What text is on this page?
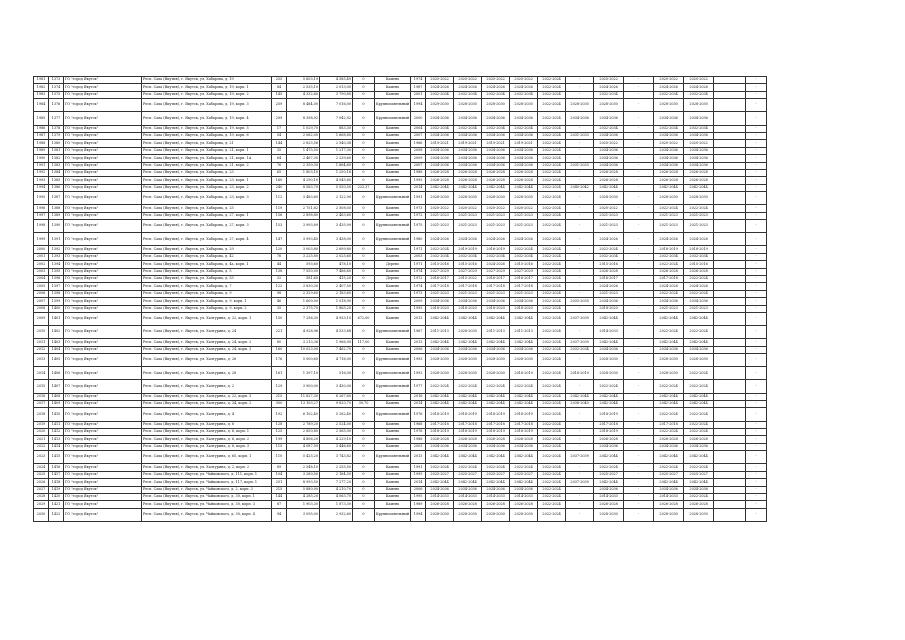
1981	1373	ГО "город Якутск"	Респ. Саха (Якутия), г. Якутск, ул. Хабарова, д. 19	255	5 603,19	4 585,49	0	Камень	1974	2020-2022	2020-2022	2020-2022	2020-2022	2022-2024	-	2020-2022	-	2020-2022	2020-2022		-
1982	1374	ГО "город Якутск"	Респ. Саха (Якутия), г. Якутск, ул. Хабарова, д. 19, корп. 1	84	2 535,10	2 013,00	0	Камень	1987	2024-2026	2024-2026	2024-2026	2024-2026	2022-2024	-	2024-2026	-	2024-2026	2024-2026		-
1983	1375	ГО "город Якутск"	Респ. Саха (Якутия), г. Якутск, ул. Хабарова, д. 19, корп. 2	145	4 332,60	3 790,80	0	Камень	2001	2032-2034	2032-2034	2032-2034	2032-2034	2022-2024	-	2032-2034	-	2032-2034	2032-2034		-
1984	1376	ГО "город Якутск"	Респ. Саха (Якутия), г. Якутск, ул. Хабарова, д. 19, корп. 3	259	8 484,00	7 016,00	0	Крупнопанельный	1994	2029-2030	2028-2030	2028-2030	2028-2030	2022-2024	2028-2030	2028-2030	-	2028-2030	2028-2030		-
1985	1377	ГО "город Якутск"	Респ. Саха (Якутия), г. Якутск, ул. Хабарова, д. 19, корп. 4	299	8 398,92	7 042,92	0	Крупнопанельный	2000	2034-2036	2034-2036	2034-2036	2034-2036	2022-2024	2034-2036	2034-2036	-	2034-2036	2034-2036		-
1986	1378	ГО "город Якутск"	Респ. Саха (Якутия), г. Якутск, ул. Хабарова, д. 19, корп. 5	17	1 029,70	883,30	0	Камень	2004	2032-2034	2032-2034	2032-2034	2032-2034	2022-2024	-	2032-2034	-	2032-2034	2032-2034		-
1987	1379	ГО "город Якутск"	Респ. Саха (Якутия), г. Якутск, ул. Хабарова, д. 19, корп. 6	54	2 062,00	1 668,80	0	Камень	2007	2034-2036	2034-2036	2034-2036	2034-2036	2022-2024	2031-2033	2034-2036	-	2034-2036	2034-2036		-
1988	1380	ГО "город Якутск"	Респ. Саха (Якутия), г. Якутск, ул. Хабарова, д. 21	144	2 825,56	2 540,38	0	Камень	1966	2019-2021	2019-2021	2019-2021	2019-2021	2022-2024	-	2020-2022	-	2020-2022	2020-2022		-
1989	1381	ГО "город Якутск"	Респ. Саха (Якутия), г. Якутск, ул. Хабарова, д. 21, корп. 1	35	1 475,50	1 217,30	0	Камень	2008	2034-2036	2034-2036	2034-2036	2034-2036	2022-2024	-	2034-2036	-	2034-2036	2034-2036		-
1990	1382	ГО "город Якутск"	Респ. Саха (Якутия), г. Якутск, ул. Хабарова, д. 21, корп. 1А	64	2 467,30	2 239,60	0	Камень	2009	2034-2036	2034-2036	2034-2036	2034-2036	2022-2024	-	2034-2036	-	2034-2036	2034-2036		-
1991	1383	ГО "город Якутск"	Респ. Саха (Якутия), г. Якутск, ул. Хабарова, д. 21, корп. 2	76	2 359,30	1 864,60	0	Камень	2007	2034-2036	2034-2036	2034-2036	2034-2036	2022-2024	2031-2033	2034-2036	-	2034-2036	2034-2036		-
1992	1384	ГО "город Якутск"	Респ. Саха (Якутия), г. Якутск, ул. Хабарова, д. 23	65	1 803,10	1 250,16	0	Камень	1988	2026-2028	2026-2028	2026-2028	2026-2028	2022-2024	-	2026-2028	-	2026-2028	2026-2028		-
1993	1385	ГО "город Якутск"	Респ. Саха (Якутия), г. Якутск, ул. Хабарова, д. 23, корп. 1	160	4 290,10	4 045,60	0	Камень	1995	2026-2028	2026-2028	2026-2028	2026-2028	2022-2024	-	2026-2028	-	2026-2028	2026-2028		-
1994	1386	ГО "город Якутск"	Респ. Саха (Якутия), г. Якутск, ул. Хабарова, д. 23, корп. 2	240	8 583,70	5 550,50	223,37	Камень	2014	2042-2044	2042-2044	2042-2044	2042-2044	2022-2024	2040-2042	2042-2044	-	2042-2044	2042-2044		-
1995	1387	ГО "город Якутск"	Респ. Саха (Якутия), г. Якутск, ул. Хабарова, д. 23, корп. 3	112	3 483,60	2 122,90	0	Крупнопанельный	1991	2028-2030	2028-2030	2028-2030	2028-2030	2022-2024	-	2028-2030	-	2028-2030	2028-2030		-
1996	1388	ГО "город Якутск"	Респ. Саха (Якутия), г. Якутск, ул. Хабарова, д. 25	119	2 751,82	2 508,05	0	Камень	1973	2020-2022	2020-2022	2020-2022	2020-2022	2022-2024	-	2020-2022	-	2022-2024	2022-2024		-
1997	1389	ГО "город Якутск"	Респ. Саха (Якутия), г. Якутск, ул. Хабарова, д. 27, корп. 1	156	2 898,80	2 463,60	0	Камень	1972	2021-2023	2021-2023	2021-2023	2021-2023	2022-2024	-	2021-2023	-	2021-2023	2021-2023		-
1998	1390	ГО "город Якутск"	Респ. Саха (Якутия), г. Якутск, ул. Хабарова, д. 27, корп. 3	153	3 993,89	3 435,99	0	Крупнопанельный	1975	2021-2023	2021-2023	2021-2023	2021-2023	2022-2024	-	2021-2023	-	2021-2023	2021-2023		-
1999	1391	ГО "город Якутск"	Респ. Саха (Якутия), г. Якутск, ул. Хабарова, д. 27, корп. 4	147	3 993,40	3 438,00	0	Крупнопанельный	1980	2024-2026	2024-2026	2024-2026	2024-2026	2022-2024	-	2024-2026	-	2024-2026	2024-2026		-
2000	1392	ГО "город Якутск"	Респ. Саха (Якутия), г. Якутск, ул. Хабарова, д. 29	120	3 003,80	2 699,80	0	Камень	1971	2022-2024	2019-2019	2016-2019	2022-2024	2022-2024	-	2022-2024	-	2018-2019	2018-2019		-
2001	1393	ГО "город Якутск"	Респ. Саха (Якутия), г. Якутск, ул. Хабарова, д. 42	76	3 225,80	2 025,60	0	Камень	2003	2032-2034	2032-2034	2032-2034	2032-2034	2022-2024	-	2032-2034	-	2032-2034	2032-2034		-
2002	1394	ГО "город Якутск"	Респ. Саха (Якутия), г. Якутск, ул. Хабарова, д. 4а, корп. 1	44	593,60	478,10	0	Дерево	1971	2015-2016	2015-2016	2024-2026	2015-2016	2022-2024	-	2015-2016	-	2022-2024	2015-2016		-
2003	1395	ГО "город Якутск"	Респ. Саха (Якутия), г. Якутск, ул. Хабарова, д. 5	138	7 550,00	7 486,60	0	Камень	1974	2027-2029	2027-2029	2027-2029	2027-2029	2022-2024	-	2026-2028	-	2026-2028	2026-2028		-
2004	1396	ГО "город Якутск"	Респ. Саха (Якутия), г. Якутск, ул. Хабарова, д. 53	32	581,60	415,20	0	Дерево	1972	2016-2017	2015-2022	2016-2017	2016-2017	2022-2024	-	2016-2017	-	2017-2018	2022-2024		-
2005	1397	ГО "город Якутск"	Респ. Саха (Якутия), г. Якутск, ул. Хабарова, д. 7	122	3 830,30	2 407,50	0	Камень	1974	2017-2018	2017-2018	2017-2018	2017-2018	2022-2024	-	2024-2026	-	2024-2026	2024-2026		-
2006	1398	ГО "город Якутск"	Респ. Саха (Якутия), г. Якутск, ул. Хабарова, д. 9	98	2 329,60	2 183,60	0	Камень	1973	2021-2023	2021-2023	2021-2023	2021-2023	2022-2024	-	2021-2023	-	2022-2024	2022-2024		-
2007	1399	ГО "город Якутск"	Респ. Саха (Якутия), г. Якутск, ул. Хабарова, д. 9, корп. 1	46	1 609,00	1 018,90	0	Камень	2009	2034-2036	2034-2036	2034-2036	2034-2036	2022-2024	2033-2035	2034-2036	-	2034-2036	2034-2036		-
2008	1400	ГО "город Якутск"	Респ. Саха (Якутия), г. Якутск, ул. Хабарова, д. 9, корп. 2	35	2 375,70	1 865,20	0	Камень	1995	2018-2020	2018-2020	2018-2020	2018-2020	2022-2024	-	2018-2020	-	2021-2023	2021-2023		-
2009	1401	ГО "город Якутск"	Респ. Саха (Якутия), г. Якутск, ул. Халтурина, д. 22, корп. 1	150	7 256,30	4 953,10	672,00	Камень	2013	2042-2044	2042-2044	2042-2044	2042-2044	2022-2024	2037-2039	2042-2044	-	2042-2044	2042-2044		-
2010	1402	ГО "город Якутск"	Респ. Саха (Якутия), г. Якутск, ул. Халтурина, д. 24	221	4 928,96	4 533,88	0	Крупнопанельный	1967	2011-2013	2028-2030	2011-2013	2011-2013	2022-2024	-	2014-2033	-	2022-2024	2022-2024		-
2011	1403	ГО "город Якутск"	Респ. Саха (Якутия), г. Якутск, ул. Халтурина, д. 24, корп. 2	80	3 213,36	1 966,90	117,00	Камень	2013	2042-2044	2042-2044	2042-2044	2042-2044	2022-2024	2037-2039	2042-2044	-	2042-2044	2042-2044		-
2012	1404	ГО "город Якутск"	Респ. Саха (Якутия), г. Якутск, ул. Халтурина, д. 24, корп. 3	160	10 023,00	7 462,70	0	Камень	2006	2034-2036	2034-2036	2034-2036	2034-2036	2022-2024	2032-2034	2034-2036	-	2034-2036	2034-2036		-
2013	1405	ГО "город Якутск"	Респ. Саха (Якутия), г. Якутск, ул. Халтурина, д. 26	176	5 000,60	4 716,00	0	Крупнопанельный	1993	2028-2030	2028-2030	2028-2030	2028-2030	2022-2024	-	2028-2030	-	2028-2030	2028-2030		-
2014	1406	ГО "город Якутск"	Респ. Саха (Якутия), г. Якутск, ул. Халтурина, д. 28	161	1 397,10	516,00	0	Крупнопанельный	1992	2028-2030	2028-2030	2028-2030	2018-2019	2022-2024	2018-2019	2028-2030	-	2028-2030	2022-2024		-
2015	1407	ГО "город Якутск"	Респ. Саха (Якутия), г. Якутск, ул. Халтурина, д. 2	129	3 900,00	3 430,00	0	Крупнопанельный	1977	2022-2024	2022-2024	2022-2024	2022-2024	2022-2024	-	2022-2024	-	2022-2024	2022-2024		-
2016	1408	ГО "город Якутск"	Респ. Саха (Якутия), г. Якутск, ул. Халтурина, д. 22, корп. 3	215	11 827,30	8 267,60	0	Камень	2016	2042-2044	2042-2044	2042-2044	2042-2044	2022-2024	2042-2044	2042-2044	-	2042-2044	2042-2044		-
2017	1409	ГО "город Якутск"	Респ. Саха (Якутия), г. Якутск, ул. Халтурина, д. 34, корп. 2	300	13 103,27	9 820,70	39,70	Камень	2014	2042-2044	2042-2044	2042-2044	2042-2044	2022-2024	2038-2040	2042-2044	-	2042-2044	2042-2044		-
2018	1410	ГО "город Якутск"	Респ. Саха (Якутия), г. Якутск, ул. Халтурина, д. 4	192	6 102,40	5 262,40	0	Крупнопанельный	1976	2018-2019	2018-2019	2018-2019	2018-2019	2022-2024	-	2018-2019	-	2022-2024	2022-2024		-
2019	1411	ГО "город Якутск"	Респ. Саха (Якутия), г. Якутск, ул. Халтурина, д. 6	128	2 789,20	2 524,00	0	Камень	1968	2017-2018	2017-2018	2017-2018	2017-2018	2022-2024	-	2017-2018	-	2017-2018	2022-2024		-
2020	1412	ГО "город Якутск"	Респ. Саха (Якутия), г. Якутск, ул. Халтурина, д. 6, корп. 1	125	2 850,80	2 565,00	0	Камень	1976	2018-2019	2018-2019	2018-2019	2018-2019	2022-2024	-	2018-2019	-	2022-2024	2022-2024		-
2021	1413	ГО "город Якутск"	Респ. Саха (Якутия), г. Якутск, ул. Халтурина, д. 6, корп. 2	199	4 806,20	4 229,10	0	Камень	1988	2026-2028	2026-2028	2026-2028	2026-2028	2022-2024	-	2026-2028	-	2026-2028	2026-2028		-
2022	1414	ГО "город Якутск"	Респ. Саха (Якутия), г. Якутск, ул. Халтурина, д. 6, корп. 3	115	4 087,59	3 446,60	0	Камень	2003	2034-2036	2034-2036	2034-2036	2034-2036	2022-2024	-	2034-2036	-	2034-2036	2034-2036		-
2023	1415	ГО "город Якутск"	Респ. Саха (Якутия), г. Якутск, ул. Халтурина, д. 65, корп. 1	110	5 425,20	3 743,82	0	Крупнопанельный	2013	2042-2044	2042-2044	2042-2044	2042-2044	2022-2024	2037-2039	2042-2044	-	2042-2044	2042-2044		-
2024	1416	ГО "город Якутск"	Респ. Саха (Якутия), г. Якутск, ул. Халтурина, д. 2, корп. 2	89	2 548,10	2 255,50	0	Камень	1991	2022-2024	2022-2024	2022-2024	2022-2024	2022-2024	-	2022-2024	-	2022-2024	2022-2024		-
2025	1417	ГО "город Якутск"	Респ. Саха (Якутия), г. Якутск, ул. Чайковского, д. 111, корп. 1	104	3 289,50	2 164,50	0	Камень	1995	2025-2027	2025-2027	2025-2027	2025-2027	2022-2024	-	2025-2027	-	2025-2027	2025-2027		-
2026	1418	ГО "город Якутск"	Респ. Саха (Якутия), г. Якутск, ул. Чайковского, д. 117, корп. 1	251	8 993,50	7 277,20	0	Камень	2014	2042-2044	2042-2044	2042-2044	2042-2044	2022-2024	2037-2039	2042-2044	-	2042-2044	2042-2044		-
2027	1419	ГО "город Якутск"	Респ. Саха (Якутия), г. Якутск, ул. Чайковского, д. 2, корп. 3	215	5 880,90	4 210,70	0	Камень	2006	2034-2036	2034-2036	2034-2036	2034-2036	2022-2024	-	2034-2036	-	2034-2036	2034-2036		-
2028	1420	ГО "город Якутск"	Респ. Саха (Якутия), г. Якутск, ул. Чайковского, д. 30, корп. 1	144	4 285,20	4 063,70	0	Камень	1995	2014-2033	2014-2033	2014-2033	2014-2033	2022-2024	-	2014-2033	-	2014-2033	2022-2024		-
2029	1421	ГО "город Якутск"	Респ. Саха (Якутия), г. Якутск, ул. Чайковского, д. 30, корп. 3	87	1 903,30	1 873,30	0	Камень	1989	2026-2028	2026-2028	2026-2028	2026-2028	2022-2024	-	2026-2028	-	2026-2028	2026-2028		-
2030	1422	ГО "город Якутск"	Респ. Саха (Якутия), г. Якутск, ул. Чайковского, д. 30, корп. 4	94	3 095,00	2 932,60	0	Крупнопанельный	1994	2028-2030	2028-2030	2028-2030	2028-2030	2022-2024	-	2028-2030	-	2028-2030	2028-2030		-
